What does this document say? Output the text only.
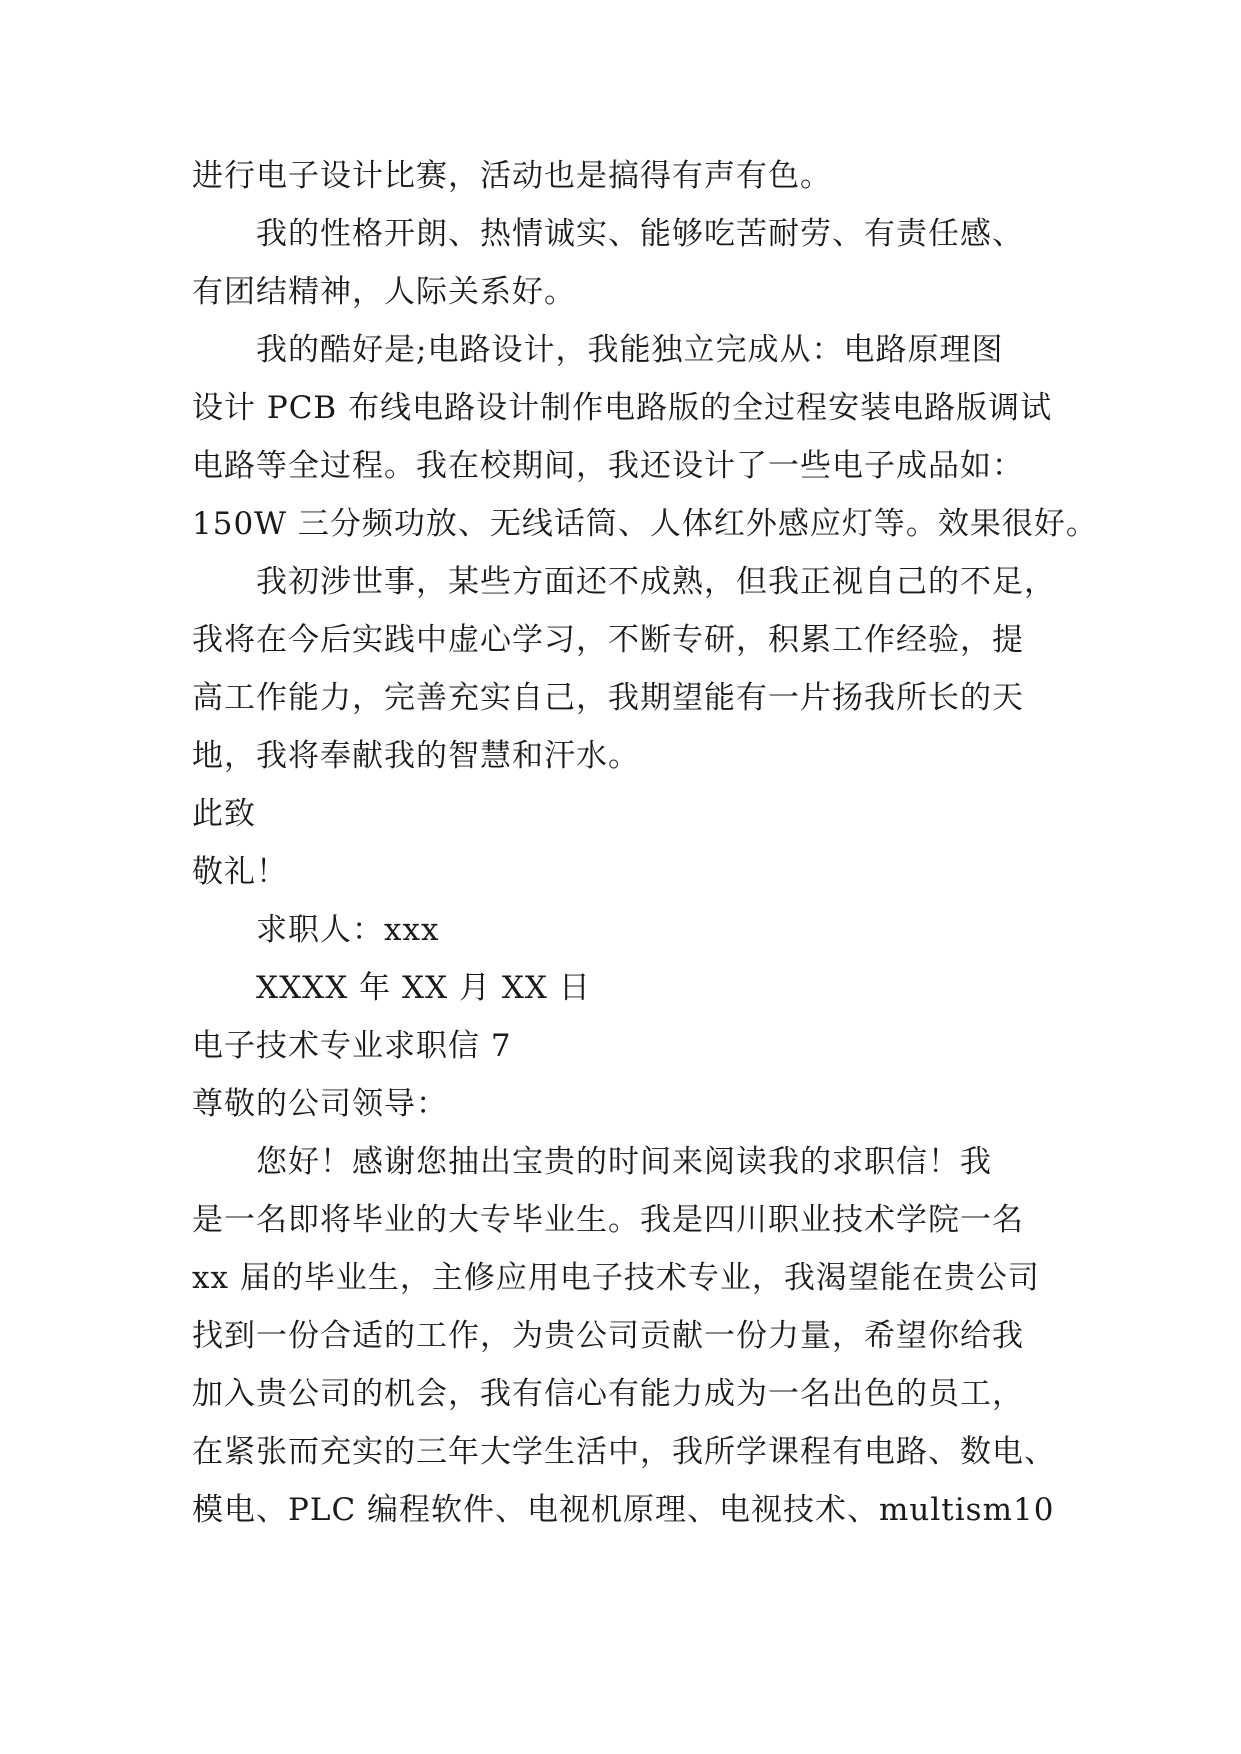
进行电子设计比赛，活动也是搞得有声有色。
我的性格开朗、热情诚实、能够吃苦耐劳、有责任感、
有团结精神，人际关系好。
我的酷好是;电路设计，我能独立完成从：电路原理图
设计 PCB 布线电路设计制作电路版的全过程安装电路版调试
电路等全过程。我在校期间，我还设计了一些电子成品如：
150W 三分频功放、无线话筒、人体红外感应灯等。效果很好。
我初涉世事，某些方面还不成熟，但我正视自己的不足，
我将在今后实践中虚心学习，不断专研，积累工作经验，提
高工作能力，完善充实自己，我期望能有一片扬我所长的天
地，我将奉献我的智慧和汗水。
此致
敬礼！
求职人：xxx
XXXX 年 XX 月 XX 日
电子技术专业求职信 7
尊敬的公司领导：
您好！感谢您抽出宝贵的时间来阅读我的求职信！我
是一名即将毕业的大专毕业生。我是四川职业技术学院一名
xx 届的毕业生，主修应用电子技术专业，我渴望能在贵公司
找到一份合适的工作，为贵公司贡献一份力量，希望你给我
加入贵公司的机会，我有信心有能力成为一名出色的员工，
在紧张而充实的三年大学生活中，我所学课程有电路、数电、
模电、PLC 编程软件、电视机原理、电视技术、multism10
